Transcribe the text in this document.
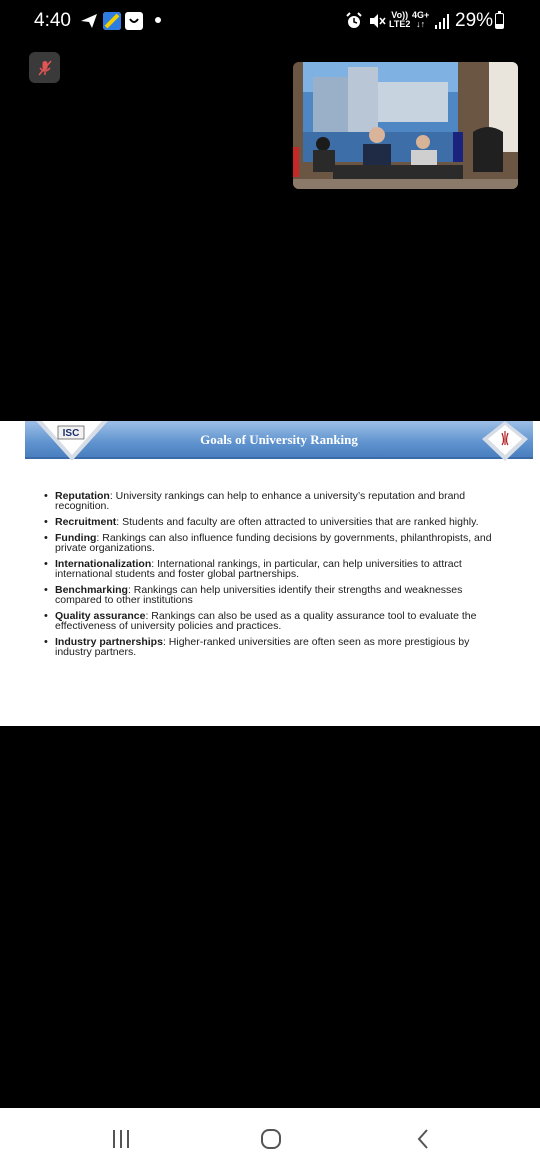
4:40	Vo))
LTE2
4G+
↓↑ 29%
Goals of University Ranking
ISC
• Reputation: University rankings can help to enhance a university’s reputation and brand recognition.
• Recruitment: Students and faculty are often attracted to universities that are ranked highly.
• Funding: Rankings can also influence funding decisions by governments, philanthropists, and private organizations.
• Internationalization: International rankings, in particular, can help universities to attract international students and foster global partnerships.
• Benchmarking: Rankings can help universities identify their strengths and weaknesses compared to other institutions
• Quality assurance: Rankings can also be used as a quality assurance tool to evaluate the effectiveness of university policies and practices.
• Industry partnerships: Higher-ranked universities are often seen as more prestigious by industry partners.
